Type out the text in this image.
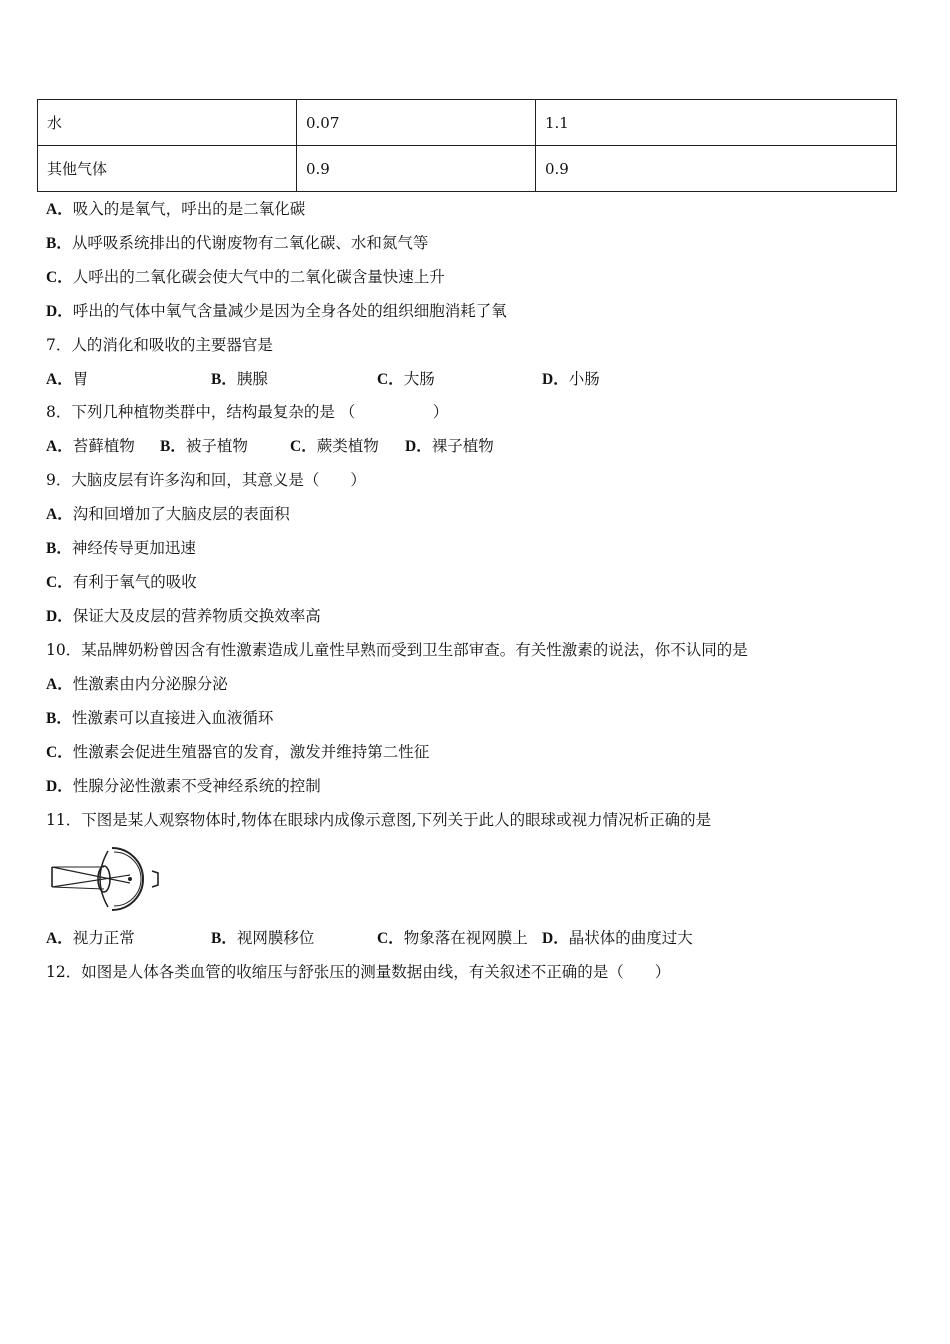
水	0.07	1.1
其他气体	0.9	0.9
A．吸入的是氧气，呼出的是二氧化碳
B．从呼吸系统排出的代谢废物有二氧化碳、水和氮气等
C．人呼出的二氧化碳会使大气中的二氧化碳含量快速上升
D．呼出的气体中氧气含量减少是因为全身各处的组织细胞消耗了氧
7．人的消化和吸收的主要器官是
A．胃	B．胰腺	C．大肠	D．小肠
8．下列几种植物类群中，结构最复杂的是 （　　　　　）
A．苔藓植物 B．被子植物	C．蕨类植物 D．裸子植物
9．大脑皮层有许多沟和回，其意义是（　　）
A．沟和回增加了大脑皮层的表面积
B．神经传导更加迅速
C．有利于氧气的吸收
D．保证大及皮层的营养物质交换效率高
10．某品牌奶粉曾因含有性激素造成儿童性早熟而受到卫生部审查。有关性激素的说法，你不认同的是
A．性激素由内分泌腺分泌
B．性激素可以直接进入血液循环
C．性激素会促进生殖器官的发育，激发并维持第二性征
D．性腺分泌性激素不受神经系统的控制
11．下图是某人观察物体时,物体在眼球内成像示意图,下列关于此人的眼球或视力情况析正确的是
A．视力正常	B．视网膜移位	C．物象落在视网膜上 D．晶状体的曲度过大
12．如图是人体各类血管的收缩压与舒张压的测量数据由线，有关叙述不正确的是（　　）
